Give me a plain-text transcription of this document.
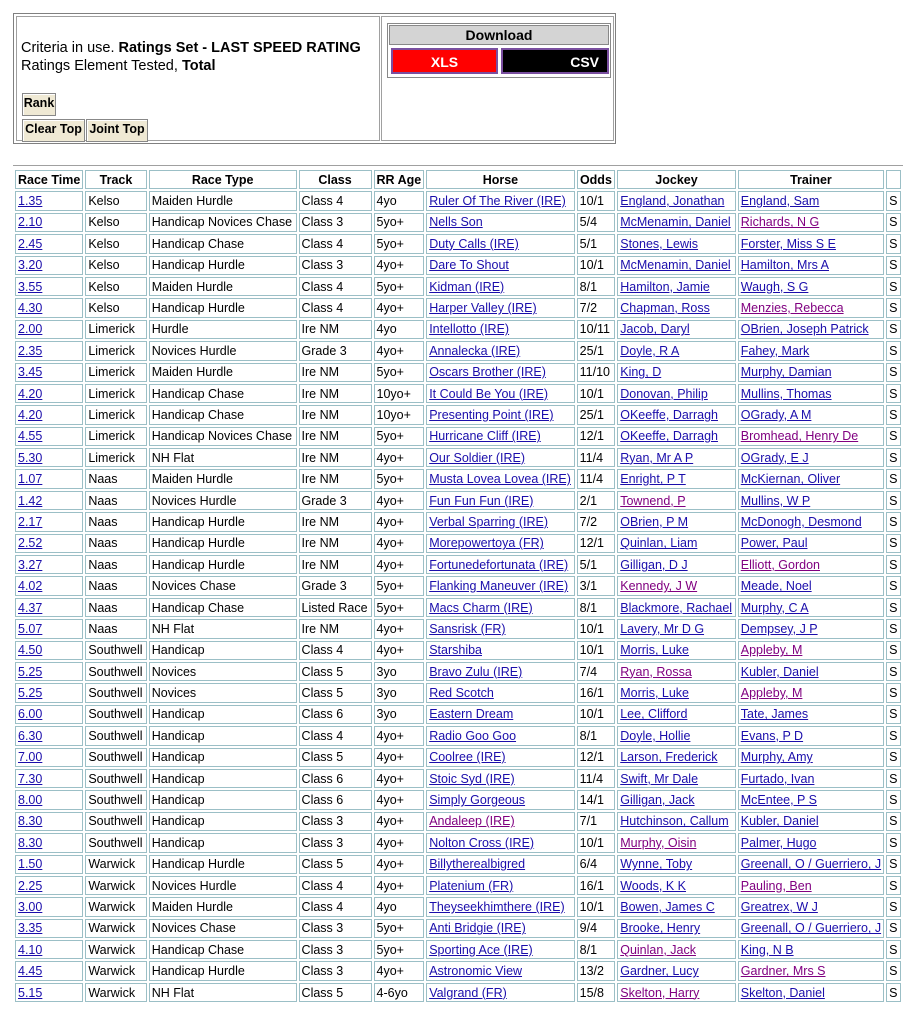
Criteria in use. Ratings Set - LAST SPEED RATING
Ratings Element Tested, Total
Rank
Clear Top Joint Top
Download
XLS	CSV
Race Time	Track	Race Type	Class	RR Age	Horse	Odds	Jockey	Trainer	
1.35	Kelso	Maiden Hurdle	Class 4	4yo	Ruler Of The River (IRE)	10/1	England, Jonathan	England, Sam	S
2.10	Kelso	Handicap Novices Chase	Class 3	5yo+	Nells Son	5/4	McMenamin, Daniel	Richards, N G	S
2.45	Kelso	Handicap Chase	Class 4	5yo+	Duty Calls (IRE)	5/1	Stones, Lewis	Forster, Miss S E	S
3.20	Kelso	Handicap Hurdle	Class 3	4yo+	Dare To Shout	10/1	McMenamin, Daniel	Hamilton, Mrs A	S
3.55	Kelso	Maiden Hurdle	Class 4	5yo+	Kidman (IRE)	8/1	Hamilton, Jamie	Waugh, S G	S
4.30	Kelso	Handicap Hurdle	Class 4	4yo+	Harper Valley (IRE)	7/2	Chapman, Ross	Menzies, Rebecca	S
2.00	Limerick	Hurdle	Ire NM	4yo	Intellotto (IRE)	10/11	Jacob, Daryl	OBrien, Joseph Patrick	S
2.35	Limerick	Novices Hurdle	Grade 3	4yo+	Annalecka (IRE)	25/1	Doyle, R A	Fahey, Mark	S
3.45	Limerick	Maiden Hurdle	Ire NM	5yo+	Oscars Brother (IRE)	11/10	King, D	Murphy, Damian	S
4.20	Limerick	Handicap Chase	Ire NM	10yo+	It Could Be You (IRE)	10/1	Donovan, Philip	Mullins, Thomas	S
4.20	Limerick	Handicap Chase	Ire NM	10yo+	Presenting Point (IRE)	25/1	OKeeffe, Darragh	OGrady, A M	S
4.55	Limerick	Handicap Novices Chase	Ire NM	5yo+	Hurricane Cliff (IRE)	12/1	OKeeffe, Darragh	Bromhead, Henry De	S
5.30	Limerick	NH Flat	Ire NM	4yo+	Our Soldier (IRE)	11/4	Ryan, Mr A P	OGrady, E J	S
1.07	Naas	Maiden Hurdle	Ire NM	5yo+	Musta Lovea Lovea (IRE)	11/4	Enright, P T	McKiernan, Oliver	S
1.42	Naas	Novices Hurdle	Grade 3	4yo+	Fun Fun Fun (IRE)	2/1	Townend, P	Mullins, W P	S
2.17	Naas	Handicap Hurdle	Ire NM	4yo+	Verbal Sparring (IRE)	7/2	OBrien, P M	McDonogh, Desmond	S
2.52	Naas	Handicap Hurdle	Ire NM	4yo+	Morepowertoya (FR)	12/1	Quinlan, Liam	Power, Paul	S
3.27	Naas	Handicap Hurdle	Ire NM	4yo+	Fortunedefortunata (IRE)	5/1	Gilligan, D J	Elliott, Gordon	S
4.02	Naas	Novices Chase	Grade 3	5yo+	Flanking Maneuver (IRE)	3/1	Kennedy, J W	Meade, Noel	S
4.37	Naas	Handicap Chase	Listed Race	5yo+	Macs Charm (IRE)	8/1	Blackmore, Rachael	Murphy, C A	S
5.07	Naas	NH Flat	Ire NM	4yo+	Sansrisk (FR)	10/1	Lavery, Mr D G	Dempsey, J P	S
4.50	Southwell	Handicap	Class 4	4yo+	Starshiba	10/1	Morris, Luke	Appleby, M	S
5.25	Southwell	Novices	Class 5	3yo	Bravo Zulu (IRE)	7/4	Ryan, Rossa	Kubler, Daniel	S
5.25	Southwell	Novices	Class 5	3yo	Red Scotch	16/1	Morris, Luke	Appleby, M	S
6.00	Southwell	Handicap	Class 6	3yo	Eastern Dream	10/1	Lee, Clifford	Tate, James	S
6.30	Southwell	Handicap	Class 4	4yo+	Radio Goo Goo	8/1	Doyle, Hollie	Evans, P D	S
7.00	Southwell	Handicap	Class 5	4yo+	Coolree (IRE)	12/1	Larson, Frederick	Murphy, Amy	S
7.30	Southwell	Handicap	Class 6	4yo+	Stoic Syd (IRE)	11/4	Swift, Mr Dale	Furtado, Ivan	S
8.00	Southwell	Handicap	Class 6	4yo+	Simply Gorgeous	14/1	Gilligan, Jack	McEntee, P S	S
8.30	Southwell	Handicap	Class 3	4yo+	Andaleep (IRE)	7/1	Hutchinson, Callum	Kubler, Daniel	S
8.30	Southwell	Handicap	Class 3	4yo+	Nolton Cross (IRE)	10/1	Murphy, Oisin	Palmer, Hugo	S
1.50	Warwick	Handicap Hurdle	Class 5	4yo+	Billytherealbigred	6/4	Wynne, Toby	Greenall, O / Guerriero, J	S
2.25	Warwick	Novices Hurdle	Class 4	4yo+	Platenium (FR)	16/1	Woods, K K	Pauling, Ben	S
3.00	Warwick	Maiden Hurdle	Class 4	4yo	Theyseekhimthere (IRE)	10/1	Bowen, James C	Greatrex, W J	S
3.35	Warwick	Novices Chase	Class 3	5yo+	Anti Bridgie (IRE)	9/4	Brooke, Henry	Greenall, O / Guerriero, J	S
4.10	Warwick	Handicap Chase	Class 3	5yo+	Sporting Ace (IRE)	8/1	Quinlan, Jack	King, N B	S
4.45	Warwick	Handicap Hurdle	Class 3	4yo+	Astronomic View	13/2	Gardner, Lucy	Gardner, Mrs S	S
5.15	Warwick	NH Flat	Class 5	4-6yo	Valgrand (FR)	15/8	Skelton, Harry	Skelton, Daniel	S
